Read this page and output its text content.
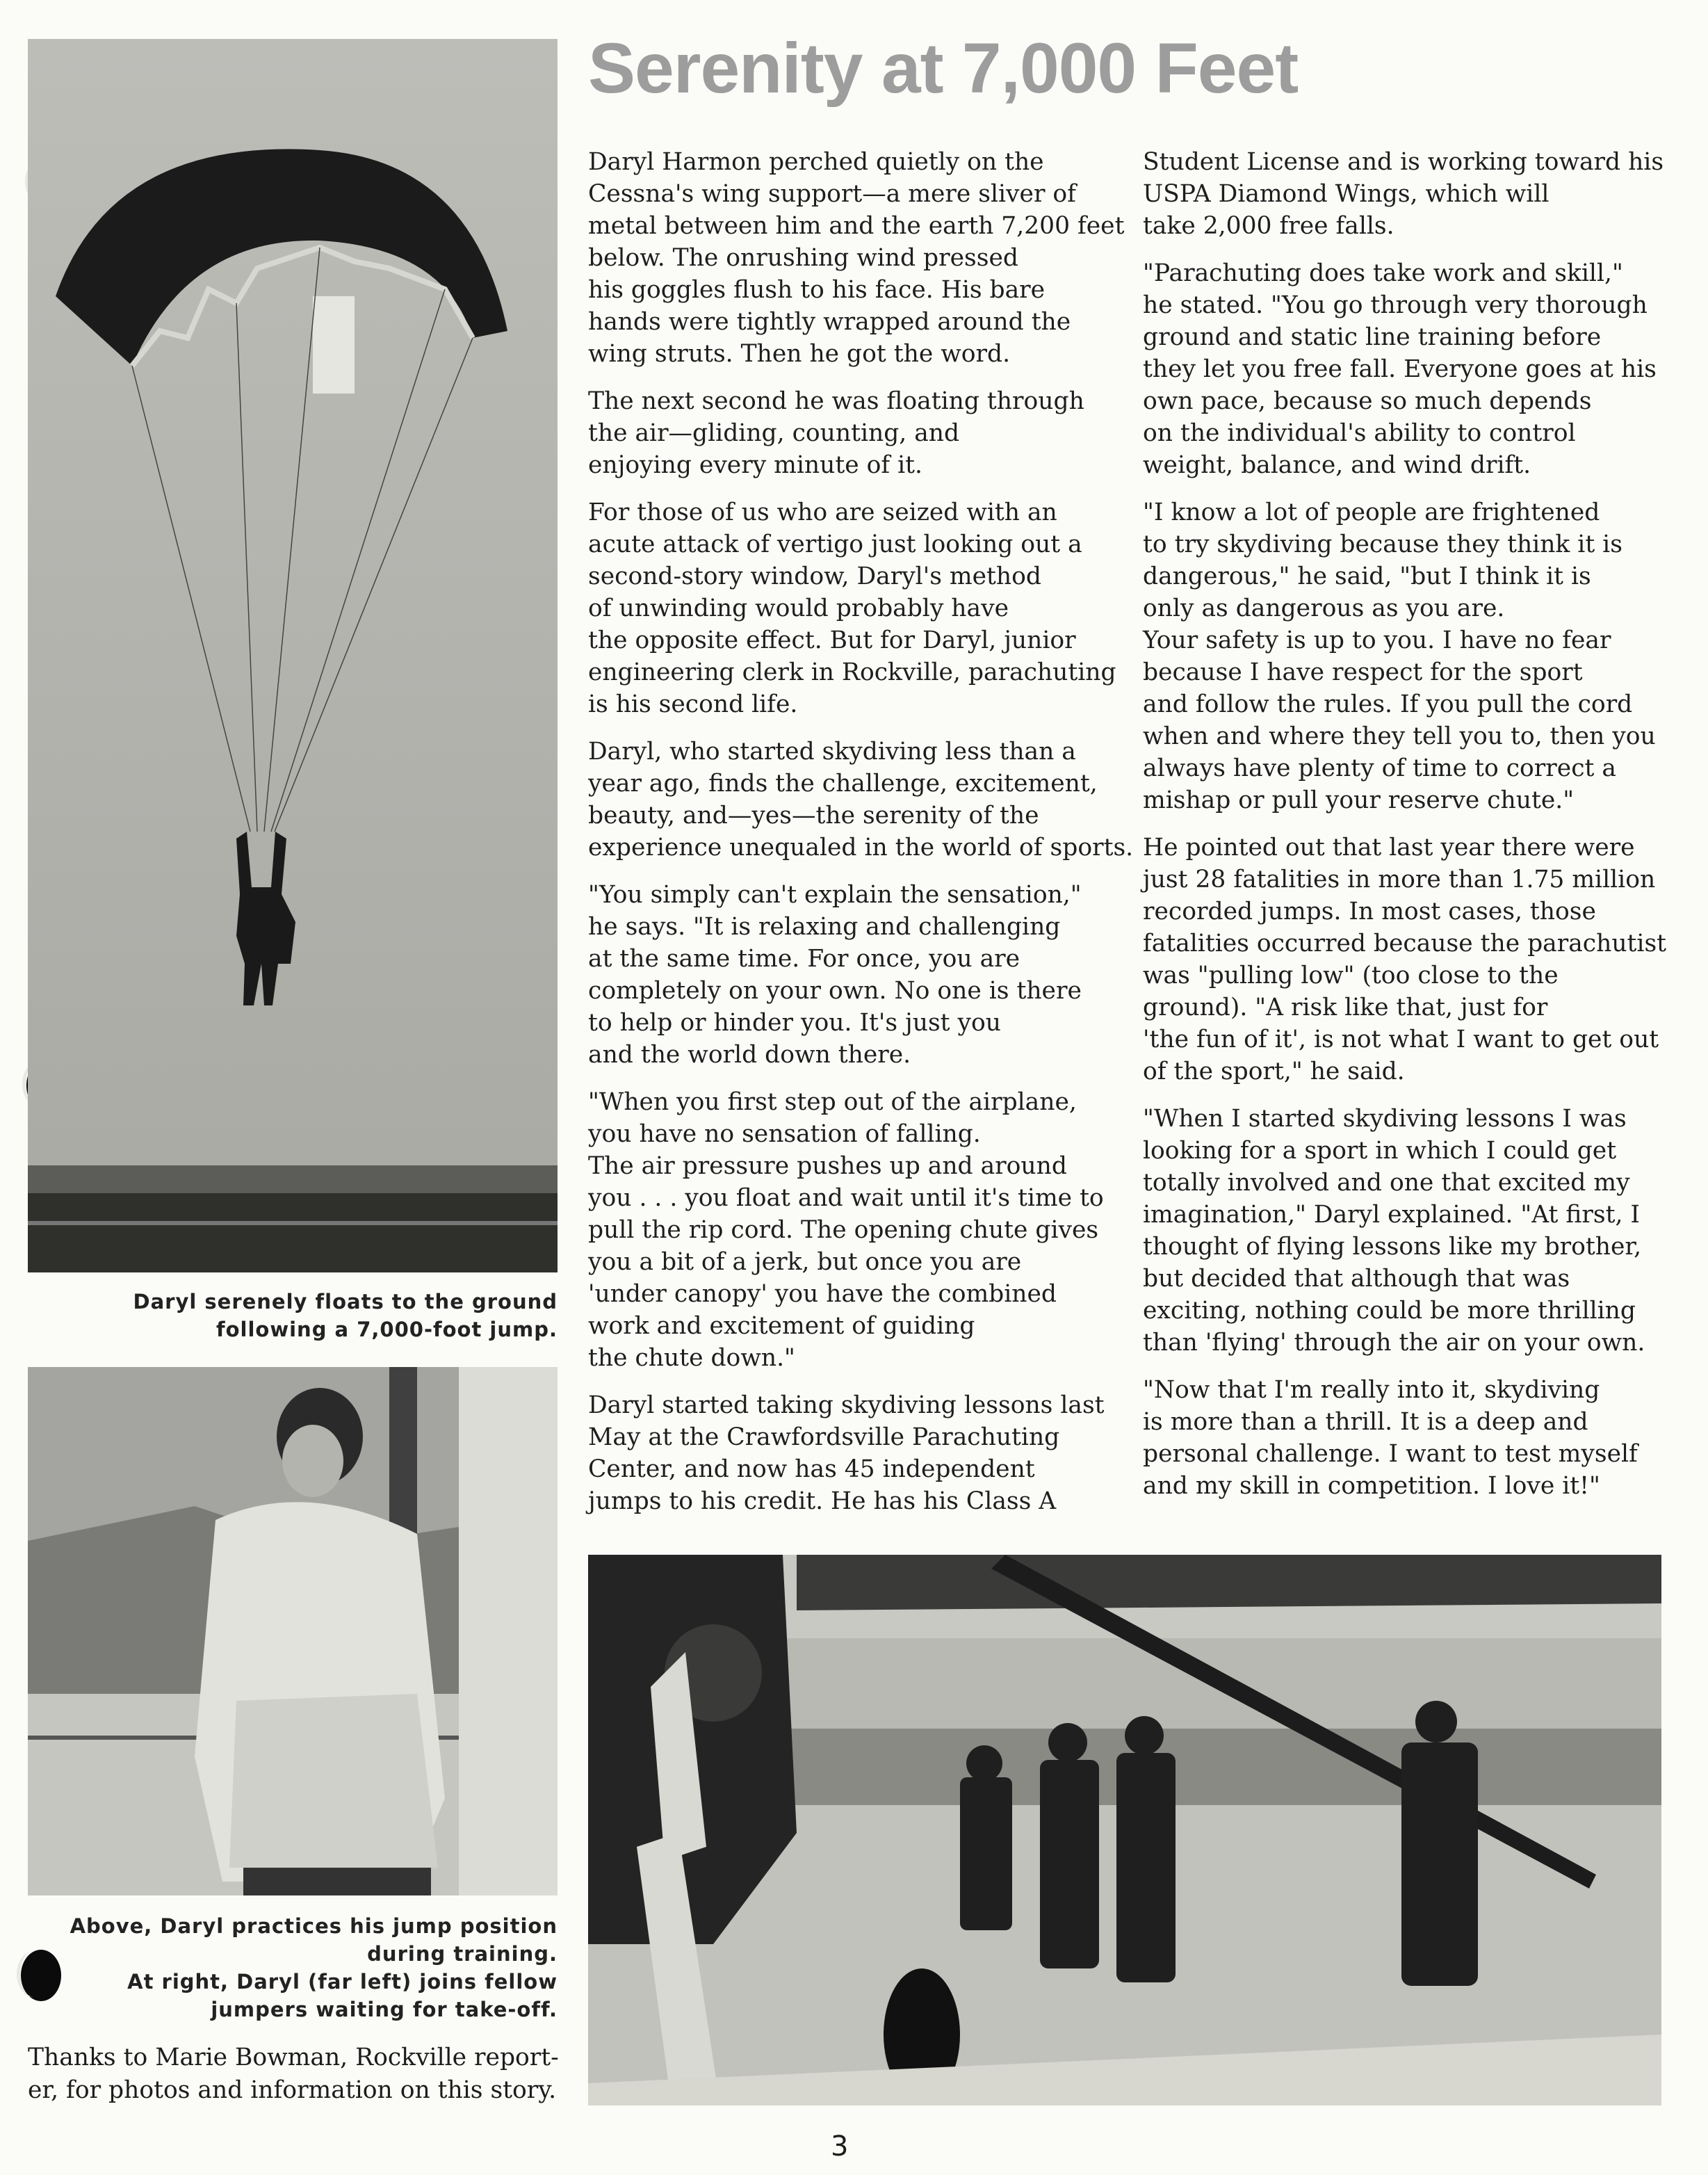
Daryl serenely floats to the ground
following a 7,000-foot jump.
Above, Daryl practices his jump position
during training.
At right, Daryl (far left) joins fellow
jumpers waiting for take-off.
Thanks to Marie Bowman, Rockville report-
er, for photos and information on this story.
Serenity at 7,000 Feet

Daryl Harmon perched quietly on the
Cessna's wing support—a mere sliver of
metal between him and the earth 7,200 feet
below. The onrushing wind pressed
his goggles flush to his face. His bare
hands were tightly wrapped around the
wing struts. Then he got the word.

The next second he was floating through
the air—gliding, counting, and
enjoying every minute of it.

For those of us who are seized with an
acute attack of vertigo just looking out a
second-story window, Daryl's method
of unwinding would probably have
the opposite effect. But for Daryl, junior
engineering clerk in Rockville, parachuting
is his second life.

Daryl, who started skydiving less than a
year ago, finds the challenge, excitement,
beauty, and—yes—the serenity of the
experience unequaled in the world of sports.

"You simply can't explain the sensation,"
he says. "It is relaxing and challenging
at the same time. For once, you are
completely on your own. No one is there
to help or hinder you. It's just you
and the world down there.

"When you first step out of the airplane,
you have no sensation of falling.
The air pressure pushes up and around
you . . . you float and wait until it's time to
pull the rip cord. The opening chute gives
you a bit of a jerk, but once you are
'under canopy' you have the combined
work and excitement of guiding
the chute down."

Daryl started taking skydiving lessons last
May at the Crawfordsville Parachuting
Center, and now has 45 independent
jumps to his credit. He has his Class A

Student License and is working toward his
USPA Diamond Wings, which will
take 2,000 free falls.

"Parachuting does take work and skill,"
he stated. "You go through very thorough
ground and static line training before
they let you free fall. Everyone goes at his
own pace, because so much depends
on the individual's ability to control
weight, balance, and wind drift.

"I know a lot of people are frightened
to try skydiving because they think it is
dangerous," he said, "but I think it is
only as dangerous as you are.
Your safety is up to you. I have no fear
because I have respect for the sport
and follow the rules. If you pull the cord
when and where they tell you to, then you
always have plenty of time to correct a
mishap or pull your reserve chute."

He pointed out that last year there were
just 28 fatalities in more than 1.75 million
recorded jumps. In most cases, those
fatalities occurred because the parachutist
was "pulling low" (too close to the
ground). "A risk like that, just for
'the fun of it', is not what I want to get out
of the sport," he said.

"When I started skydiving lessons I was
looking for a sport in which I could get
totally involved and one that excited my
imagination," Daryl explained. "At first, I
thought of flying lessons like my brother,
but decided that although that was
exciting, nothing could be more thrilling
than 'flying' through the air on your own.

"Now that I'm really into it, skydiving
is more than a thrill. It is a deep and
personal challenge. I want to test myself
and my skill in competition. I love it!"

3
